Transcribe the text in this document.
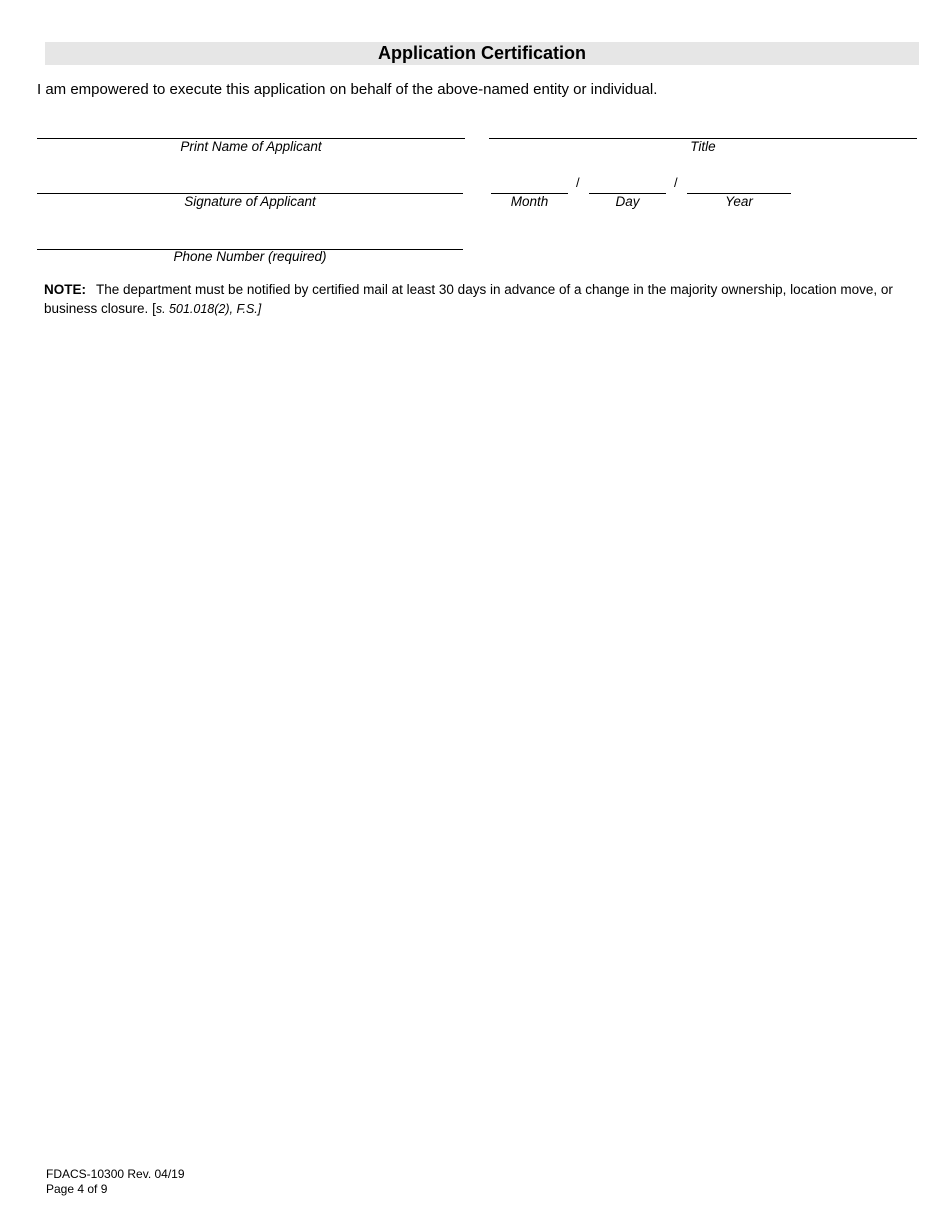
Application Certification
I am empowered to execute this application on behalf of the above-named entity or individual.
Print Name of Applicant	Title
Signature of Applicant
/	/
Month	Day	Year
Phone Number (required)
NOTE: The department must be notified by certified mail at least 30 days in advance of a change in the majority ownership, location move, or business closure. [s. 501.018(2), F.S.]
FDACS-10300 Rev. 04/19
Page 4 of 9
